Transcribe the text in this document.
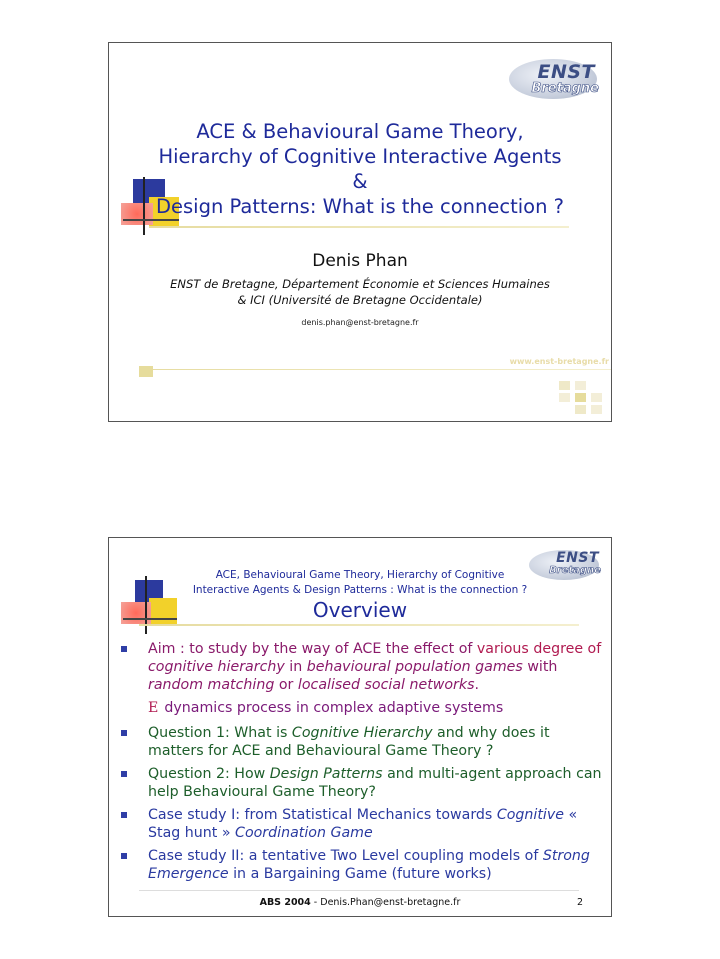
ENST
Bretagne
ACE & Behavioural Game Theory,
Hierarchy of Cognitive Interactive Agents
&
Design Patterns: What is the connection ?
Denis Phan
ENST de Bretagne, Département Économie et Sciences Humaines
& ICI (Université de Bretagne Occidentale)
denis.phan@enst-bretagne.fr
www.enst-bretagne.fr
ENST
Bretagne
ACE, Behavioural Game Theory, Hierarchy of Cognitive
Interactive Agents & Design Patterns : What is the connection ?
Overview
Aim : to study by the way of ACE the effect of various degree of cognitive hierarchy in behavioural population games with random matching or localised social networks.
E dynamics process in complex adaptive systems
Question 1: What is Cognitive Hierarchy and why does it matters for ACE and Behavioural Game Theory ?
Question 2: How Design Patterns and multi-agent approach can help Behavioural Game Theory?
Case study I: from Statistical Mechanics towards Cognitive « Stag hunt » Coordination Game
Case study II: a tentative Two Level coupling models of Strong Emergence in a Bargaining Game (future works)
ABS 2004 - Denis.Phan@enst-bretagne.fr	2
